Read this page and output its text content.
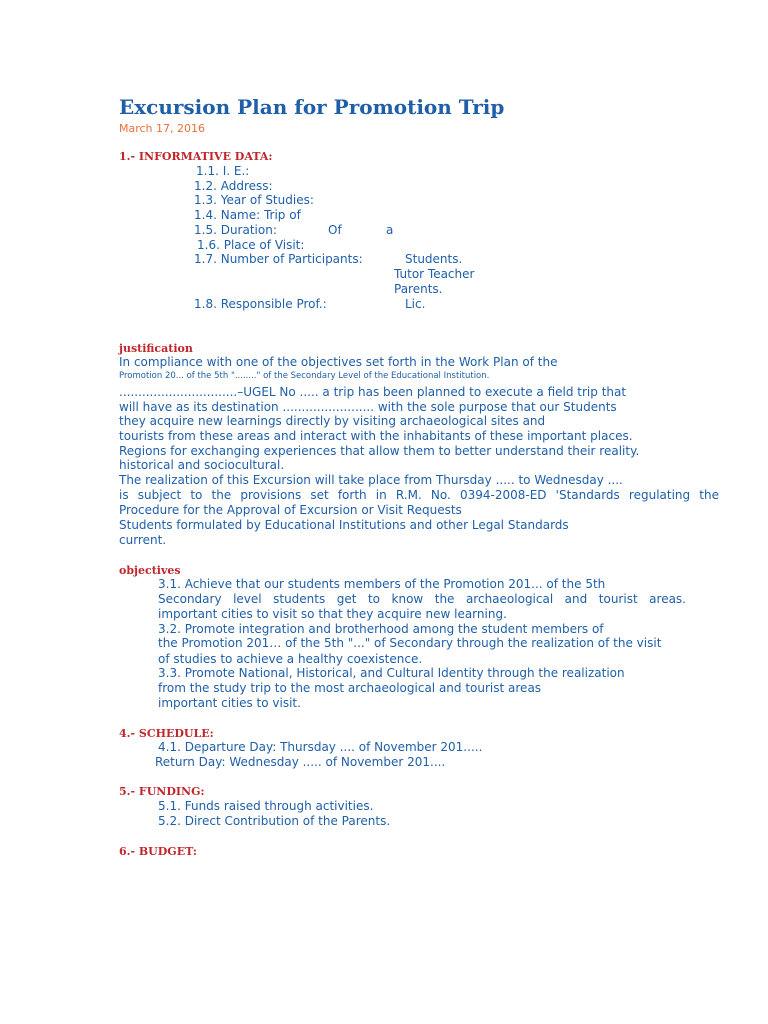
Excursion Plan for Promotion Trip
March 17, 2016
1.- INFORMATIVE DATA:
1.1. I. E.:
1.2. Address:
1.3. Year of Studies:
1.4. Name: Trip of
1.5. Duration:	Of	a
1.6. Place of Visit:
1.7. Number of Participants:	Students.
Tutor Teacher
Parents.
1.8. Responsible Prof.:	Lic.
justification
In compliance with one of the objectives set forth in the Work Plan of the
Promotion 20... of the 5th "........" of the Secondary Level of the Educational Institution.
...............................–UGEL No ..... a trip has been planned to execute a field trip that
will have as its destination ........................ with the sole purpose that our Students
they acquire new learnings directly by visiting archaeological sites and
tourists from these areas and interact with the inhabitants of these important places.
Regions for exchanging experiences that allow them to better understand their reality.
historical and sociocultural.
The realization of this Excursion will take place from Thursday ..... to Wednesday ....
is subject to the provisions set forth in R.M. No. 0394-2008-ED 'Standards regulating the
Procedure for the Approval of Excursion or Visit Requests
Students formulated by Educational Institutions and other Legal Standards
current.
objectives
3.1. Achieve that our students members of the Promotion 201... of the 5th
Secondary level students get to know the archaeological and tourist areas.
important cities to visit so that they acquire new learning.
3.2. Promote integration and brotherhood among the student members of
the Promotion 201… of the 5th "..." of Secondary through the realization of the visit
of studies to achieve a healthy coexistence.
3.3. Promote National, Historical, and Cultural Identity through the realization
from the study trip to the most archaeological and tourist areas
important cities to visit.
4.- SCHEDULE:
4.1. Departure Day: Thursday .... of November 201.....
Return Day: Wednesday ..... of November 201....
5.- FUNDING:
5.1. Funds raised through activities.
5.2. Direct Contribution of the Parents.
6.- BUDGET:
